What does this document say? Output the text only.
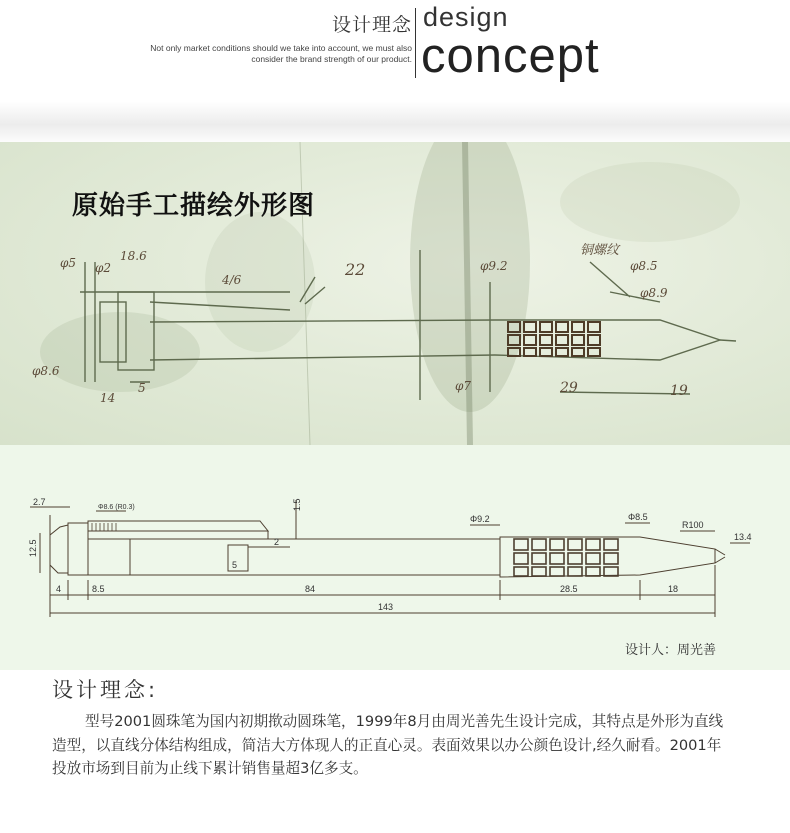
设计理念
Not only market conditions should we take into account, we must also consider the brand strength of our product.
design
concept
φ5 φ2
18.6
φ8.6
22	φ9.2
铜螺纹
φ8.5
φ8.9
φ7
14
5	29	19
4/6
原始手工描绘外形图
2.7
Φ8.6 (R0.3)	1.5
2
5
12.5
Φ9.2	Φ8.5
R100
13.4
4	8.5	84	28.5	18
143
设计人：周光善
设计理念:
型号2001圆珠笔为国内初期揿动圆珠笔，1999年8月由周光善先生设计完成，其特点是外形为直线造型，以直线分体结构组成，简洁大方体现人的正直心灵。表面效果以办公颜色设计,经久耐看。2001年投放市场到目前为止线下累计销售量超3亿多支。
